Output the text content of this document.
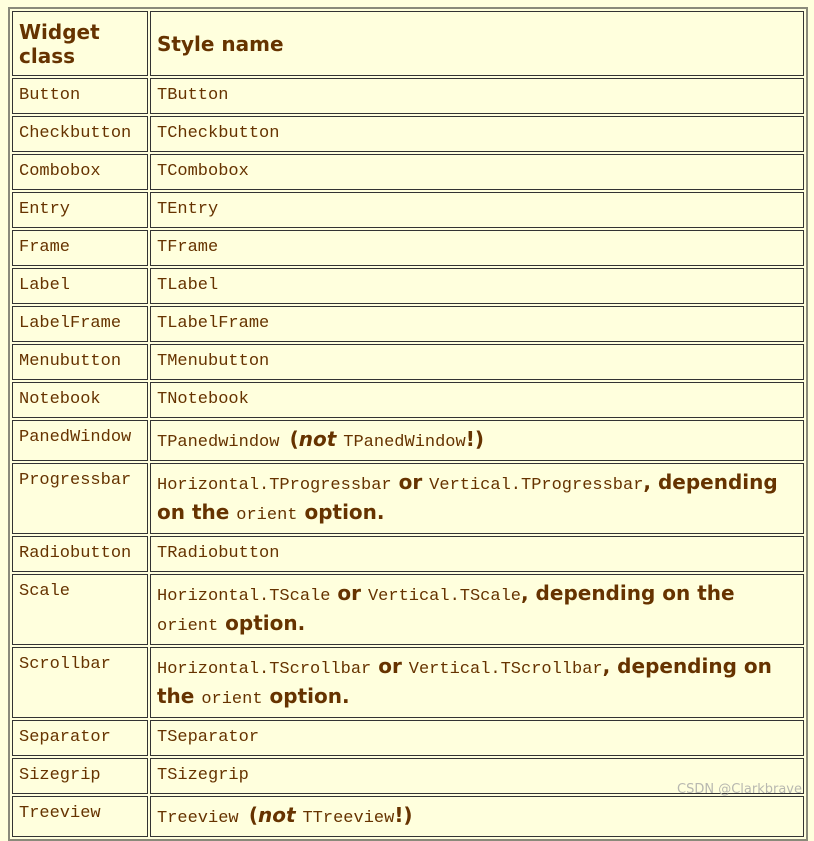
Widget class	Style name
Button	TButton
Checkbutton	TCheckbutton
Combobox	TCombobox
Entry	TEntry
Frame	TFrame
Label	TLabel
LabelFrame	TLabelFrame
Menubutton	TMenubutton
Notebook	TNotebook
PanedWindow	TPanedwindow (not TPanedWindow!)
Progressbar	Horizontal.TProgressbar or Vertical.TProgressbar, depending on the orient option.
Radiobutton	TRadiobutton
Scale	Horizontal.TScale or Vertical.TScale, depending on the orient option.
Scrollbar	Horizontal.TScrollbar or Vertical.TScrollbar, depending on the orient option.
Separator	TSeparator
Sizegrip	TSizegrip
Treeview	Treeview (not TTreeview!)
CSDN @Clarkbrave
